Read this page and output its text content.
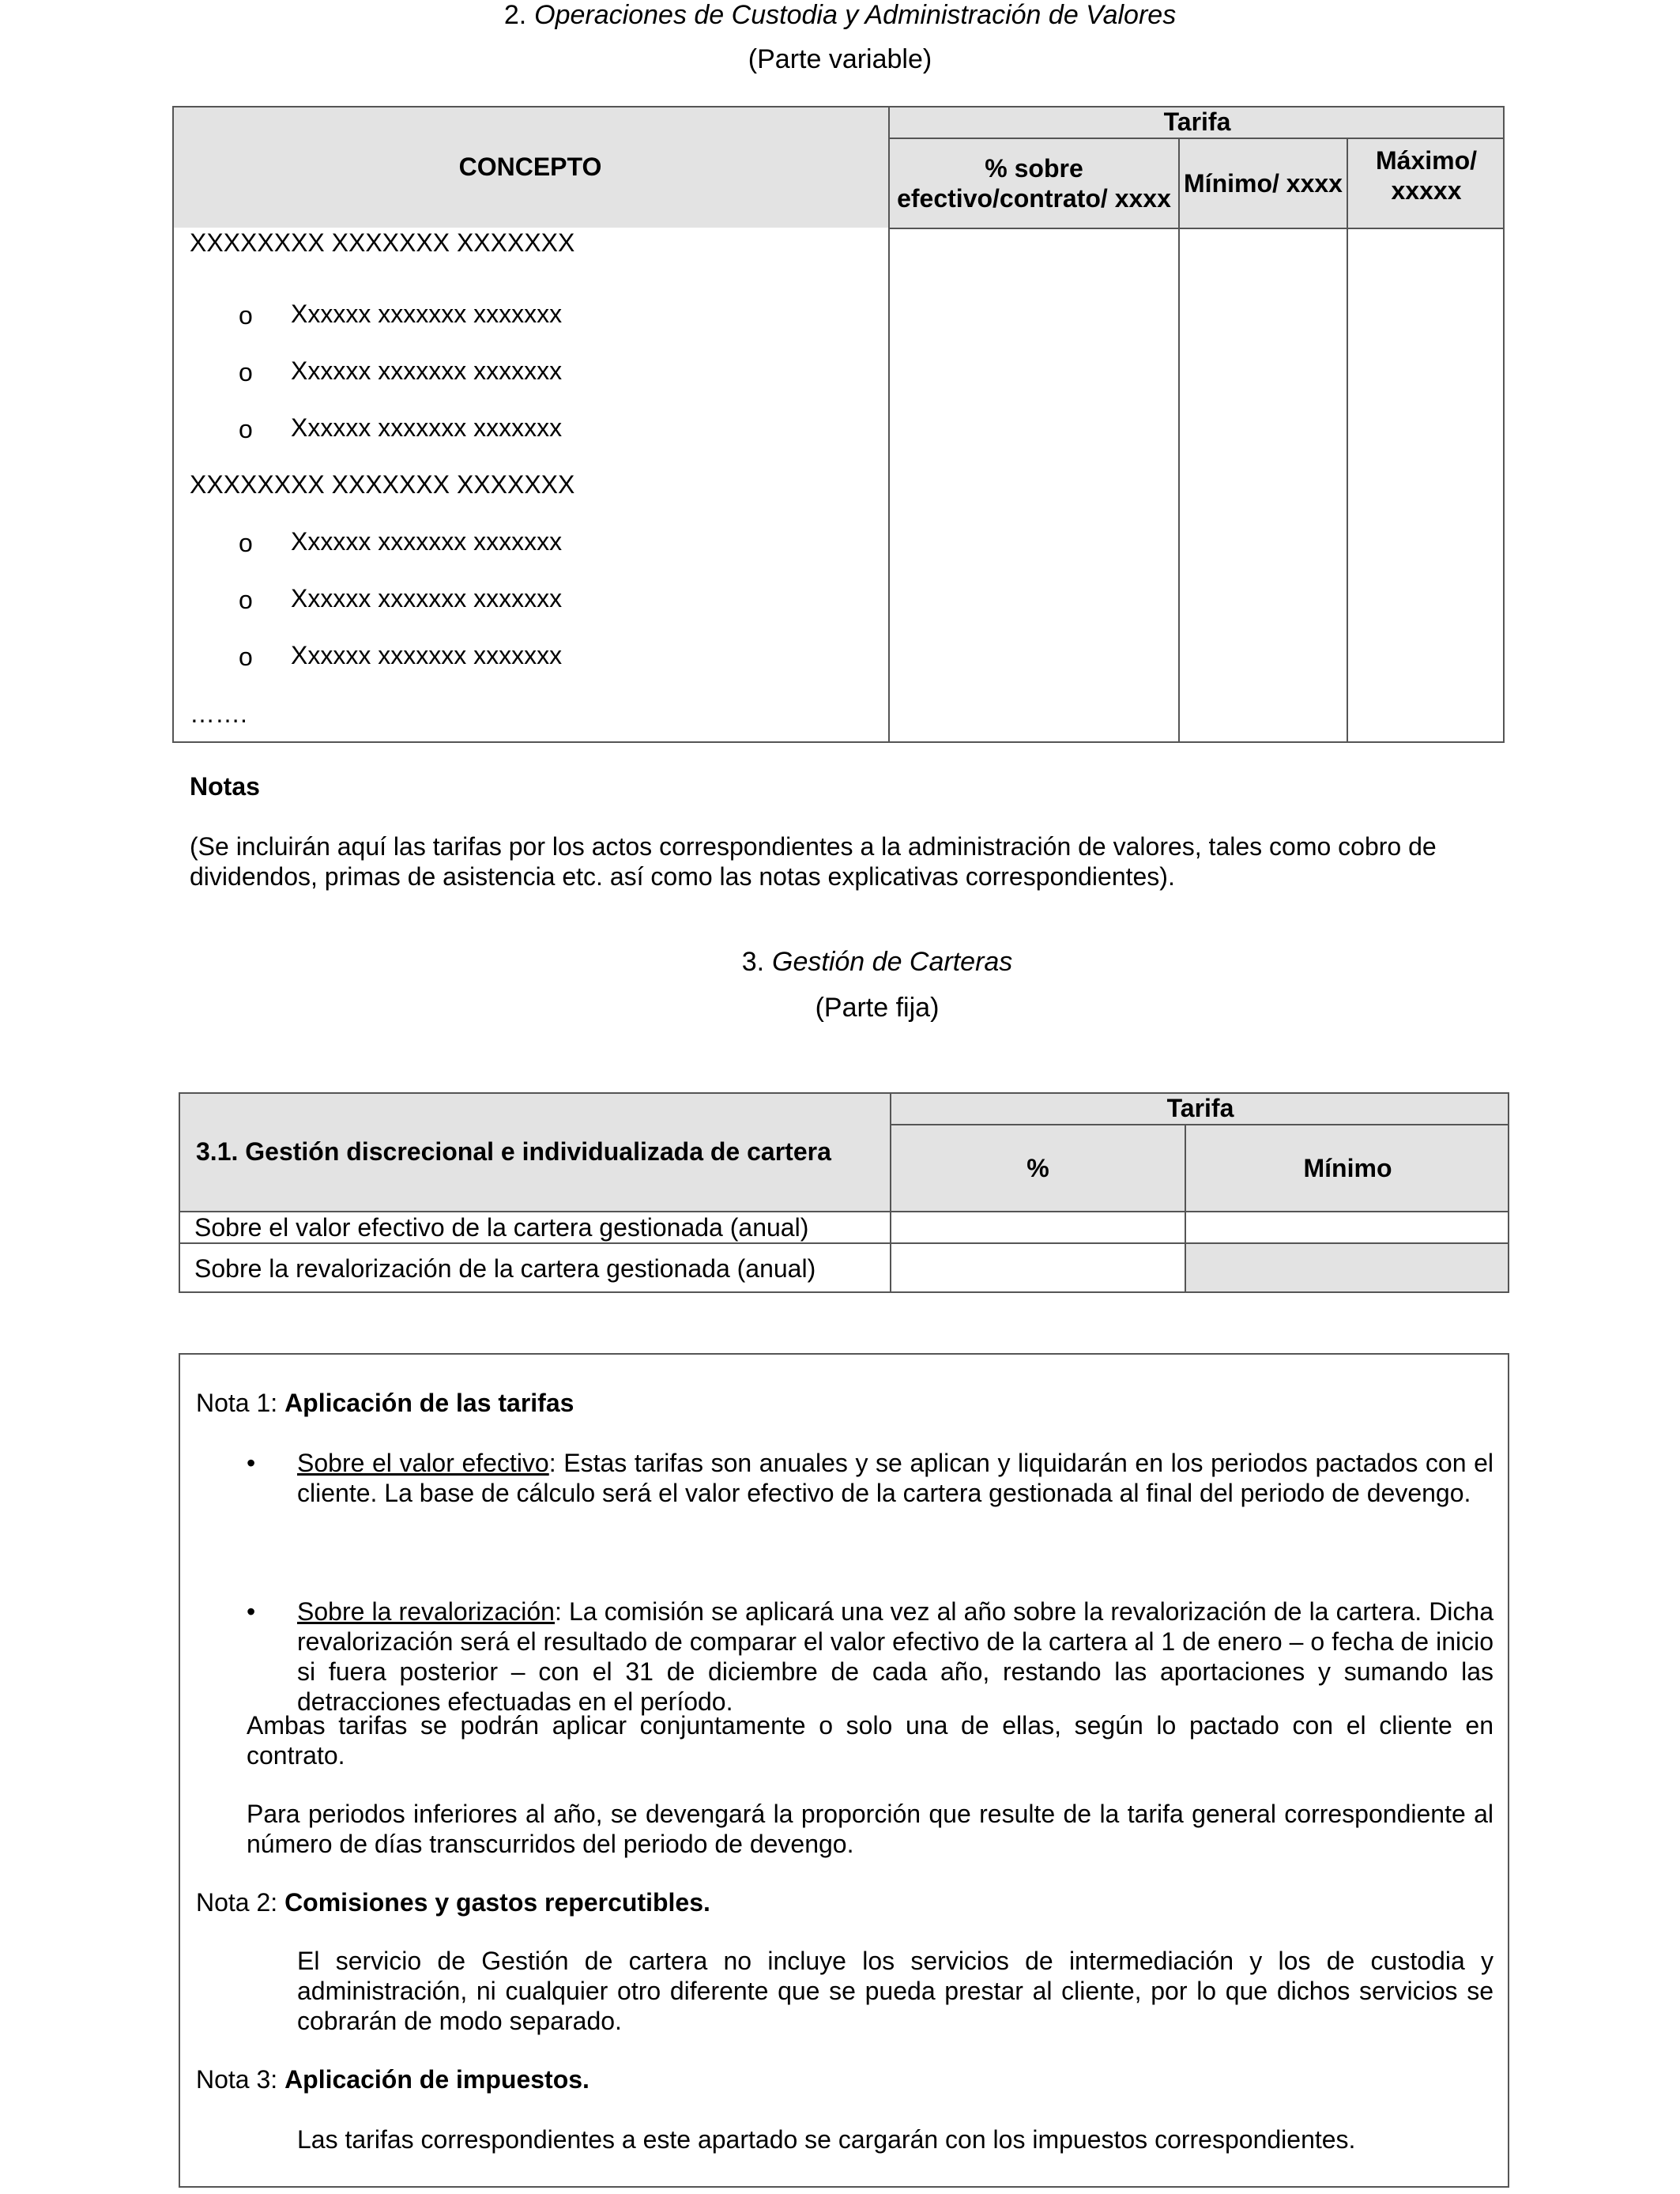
2. Operaciones de Custodia y Administración de Valores
(Parte variable)
CONCEPTO
Tarifa
% sobre efectivo/contrato/ xxxx
Mínimo/ xxxx
Máximo/ xxxxx
XXXXXXXX XXXXXXX XXXXXXX
o Xxxxxx xxxxxxx xxxxxxx
o Xxxxxx xxxxxxx xxxxxxx
o Xxxxxx xxxxxxx xxxxxxx
XXXXXXXX XXXXXXX XXXXXXX
o Xxxxxx xxxxxxx xxxxxxx
o Xxxxxx xxxxxxx xxxxxxx
o Xxxxxx xxxxxxx xxxxxxx
…….
Notas
(Se incluirán aquí las tarifas por los actos correspondientes a la administración de valores, tales como cobro de dividendos, primas de asistencia etc. así como las notas explicativas correspondientes).
3. Gestión de Carteras
(Parte fija)
3.1. Gestión discrecional e individualizada de cartera
Tarifa
%	Mínimo
Sobre el valor efectivo de la cartera gestionada (anual)
Sobre la revalorización de la cartera gestionada (anual)
Nota 1: Aplicación de las tarifas
• Sobre el valor efectivo: Estas tarifas son anuales y se aplican y liquidarán en los periodos pactados con el cliente. La base de cálculo será el valor efectivo de la cartera gestionada al final del periodo de devengo.
• Sobre la revalorización: La comisión se aplicará una vez al año sobre la revalorización de la cartera. Dicha revalorización será el resultado de comparar el valor efectivo de la cartera al 1 de enero – o fecha de inicio si fuera posterior – con el 31 de diciembre de cada año, restando las aportaciones y sumando las detracciones efectuadas en el período.
Ambas tarifas se podrán aplicar conjuntamente o solo una de ellas, según lo pactado con el cliente en contrato.
Para periodos inferiores al año, se devengará la proporción que resulte de la tarifa general correspondiente al número de días transcurridos del periodo de devengo.
Nota 2: Comisiones y gastos repercutibles.
El servicio de Gestión de cartera no incluye los servicios de intermediación y los de custodia y administración, ni cualquier otro diferente que se pueda prestar al cliente, por lo que dichos servicios se cobrarán de modo separado.
Nota 3: Aplicación de impuestos.
Las tarifas correspondientes a este apartado se cargarán con los impuestos correspondientes.
